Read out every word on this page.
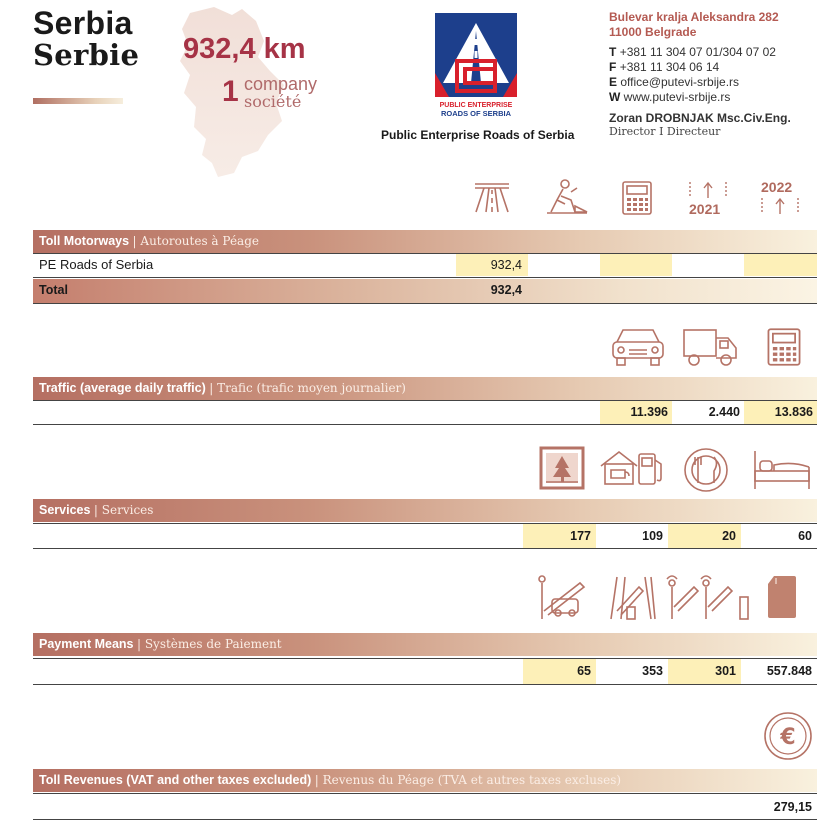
Serbia
Serbie 932,4 km
1 company
société	PUBLIC ENTERPRISE
ROADS OF SERBIA
Public Enterprise Roads of Serbia
Bulevar kralja Aleksandra 282
11000 Belgrade
T +381 11 304 07 01/304 07 02
F +381 11 304 06 14
E office@putevi-srbije.rs
W www.putevi-srbije.rs
Zoran DROBNJAK Msc.Civ.Eng.
Director I Directeur
2021
2022
Toll Motorways | Autoroutes à Péage
PE Roads of Serbia	932,4
Total	932,4
Traffic (average daily traffic) | Trafic (trafic moyen journalier)
11.396	2.440	13.836
Services | Services
177	109	20	60
Payment Means | Systèmes de Paiement
65	353	301	557.848
€
Toll Revenues (VAT and other taxes excluded) | Revenus du Péage (TVA et autres taxes excluses)
279,15
